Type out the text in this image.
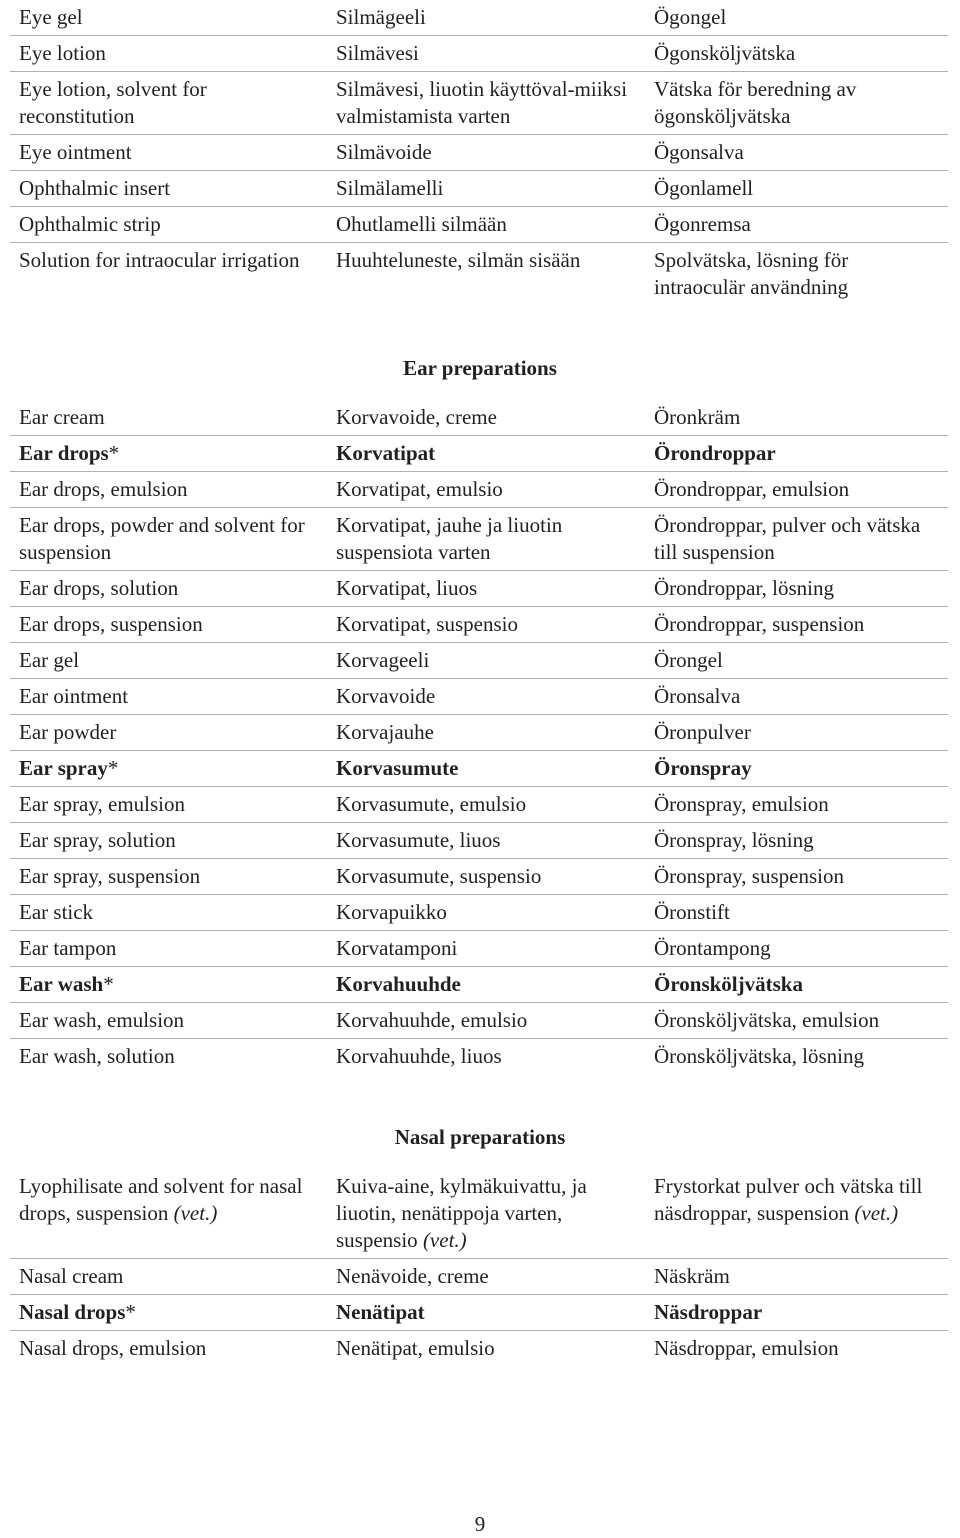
Eye gel	Silmägeeli	Ögongel
Eye lotion	Silmävesi	Ögonsköljvätska
Eye lotion, solvent for reconstitution	Silmävesi, liuotin käyttöval-miiksi valmistamista varten	Vätska för beredning av ögonsköljvätska
Eye ointment	Silmävoide	Ögonsalva
Ophthalmic insert	Silmälamelli	Ögonlamell
Ophthalmic strip	Ohutlamelli silmään	Ögonremsa
Solution for intraocular irrigation	Huuhteluneste, silmän sisään	Spolvätska, lösning för intraoculär användning
Ear preparations
Ear cream	Korvavoide, creme	Öronkräm
Ear drops*	Korvatipat	Örondroppar
Ear drops, emulsion	Korvatipat, emulsio	Örondroppar, emulsion
Ear drops, powder and solvent for suspension	Korvatipat, jauhe ja liuotin suspensiota varten	Örondroppar, pulver och vätska till suspension
Ear drops, solution	Korvatipat, liuos	Örondroppar, lösning
Ear drops, suspension	Korvatipat, suspensio	Örondroppar, suspension
Ear gel	Korvageeli	Örongel
Ear ointment	Korvavoide	Öronsalva
Ear powder	Korvajauhe	Öronpulver
Ear spray*	Korvasumute	Öronspray
Ear spray, emulsion	Korvasumute, emulsio	Öronspray, emulsion
Ear spray, solution	Korvasumute, liuos	Öronspray, lösning
Ear spray, suspension	Korvasumute, suspensio	Öronspray, suspension
Ear stick	Korvapuikko	Öronstift
Ear tampon	Korvatamponi	Örontampong
Ear wash*	Korvahuuhde	Öronsköljvätska
Ear wash, emulsion	Korvahuuhde, emulsio	Öronsköljvätska, emulsion
Ear wash, solution	Korvahuuhde, liuos	Öronsköljvätska, lösning
Nasal preparations
Lyophilisate and solvent for nasal drops, suspension (vet.)	Kuiva-aine, kylmäkuivattu, ja liuotin, nenätippoja varten, suspensio (vet.)	Frystorkat pulver och vätska till näsdroppar, suspension (vet.)
Nasal cream	Nenävoide, creme	Näskräm
Nasal drops*	Nenätipat	Näsdroppar
Nasal drops, emulsion	Nenätipat, emulsio	Näsdroppar, emulsion
9
